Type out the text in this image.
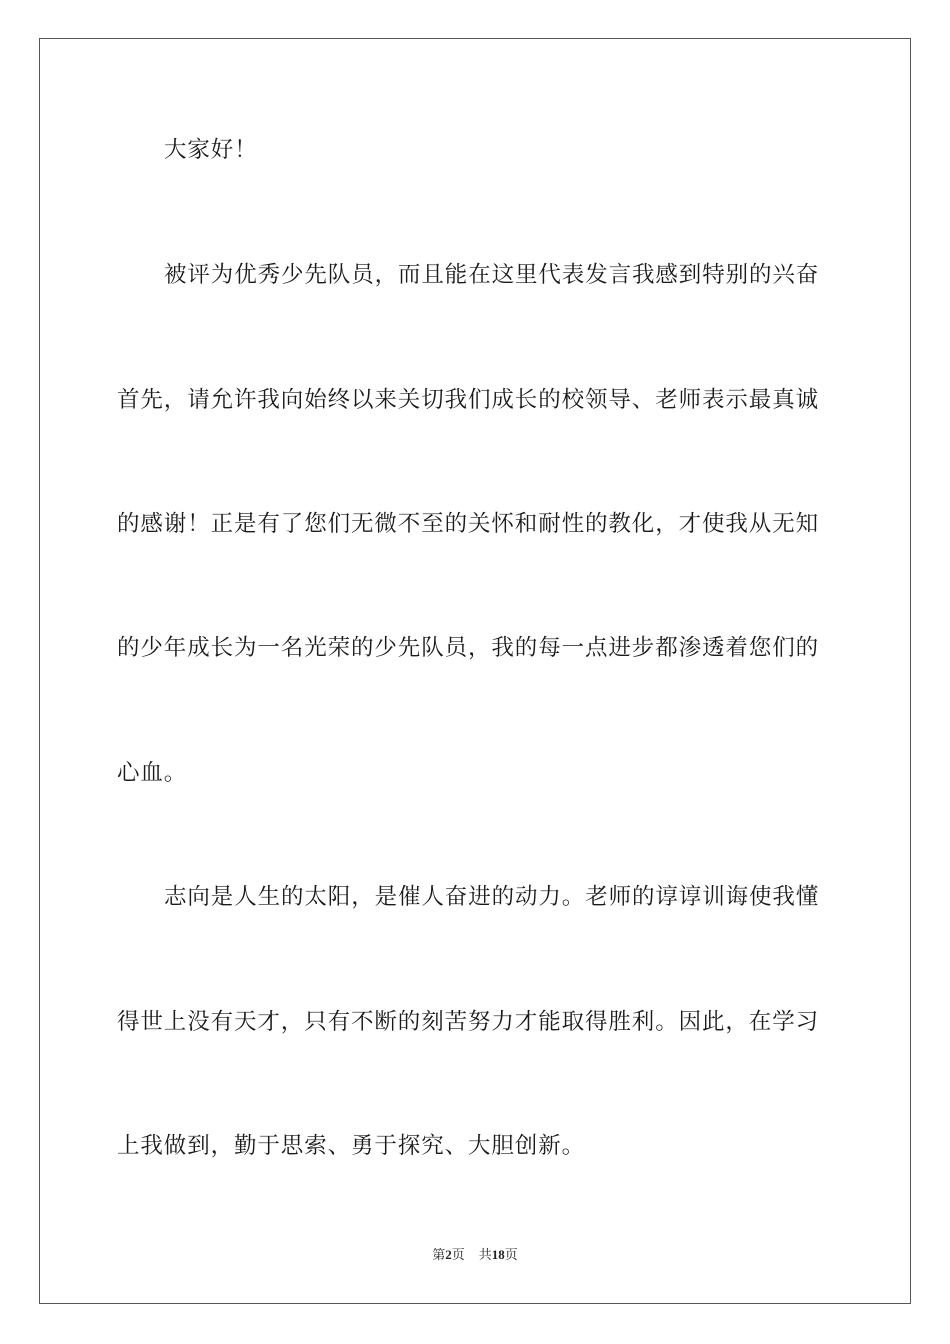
大家好！
被评为优秀少先队员，而且能在这里代表发言我感到特别的兴奋
首先，请允许我向始终以来关切我们成长的校领导、老师表示最真诚
的感谢！正是有了您们无微不至的关怀和耐性的教化，才使我从无知
的少年成长为一名光荣的少先队员，我的每一点进步都渗透着您们的
心血。
志向是人生的太阳，是催人奋进的动力。老师的谆谆训诲使我懂
得世上没有天才，只有不断的刻苦努力才能取得胜利。因此，在学习
上我做到，勤于思索、勇于探究、大胆创新。
第2页 共18页
